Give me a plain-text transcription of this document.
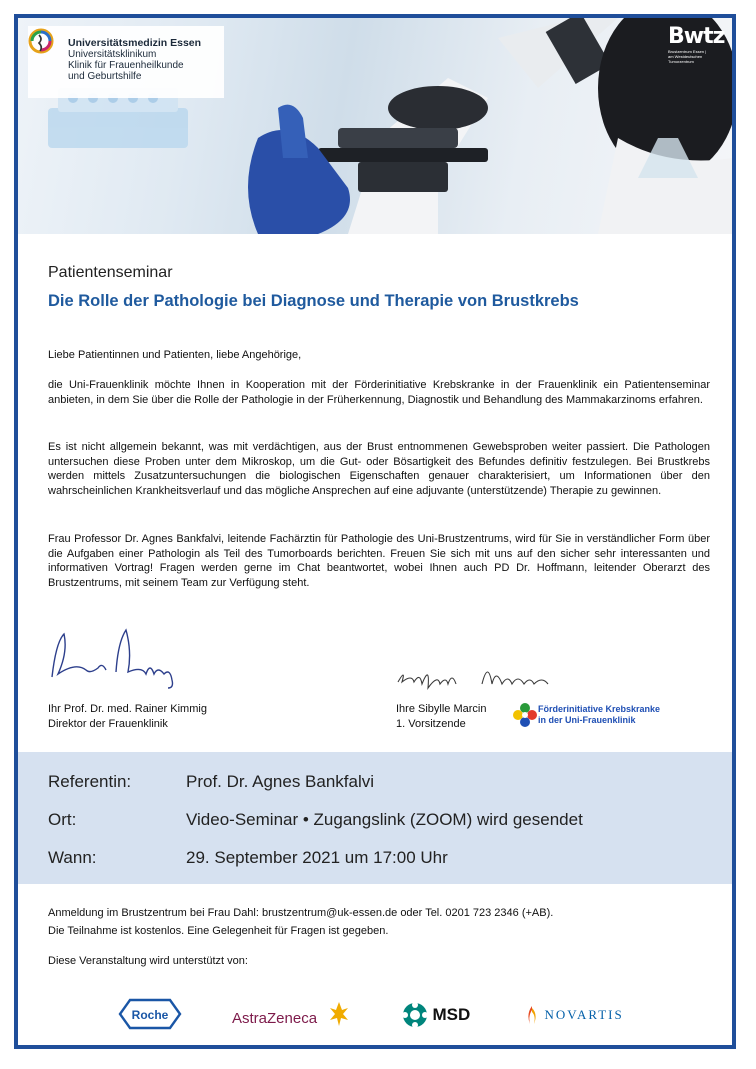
Universitätsmedizin Essen
Universitätsklinikum
Klinik für Frauenheilkunde
und Geburtshilfe
Bwtz
Brustzentrum Essen |
am Westdeutschen Tumorzentrum
Patientenseminar
Die Rolle der Pathologie bei Diagnose und Therapie von Brustkrebs
Liebe Patientinnen und Patienten, liebe Angehörige,
die Uni-Frauenklinik möchte Ihnen in Kooperation mit der Förderinitiative Krebskranke in der Frauenklinik ein Patientenseminar anbieten, in dem Sie über die Rolle der Pathologie in der Früherkennung, Diagnostik und Behandlung des Mammakarzinoms erfahren.
Es ist nicht allgemein bekannt, was mit verdächtigen, aus der Brust entnommenen Gewebsproben weiter passiert. Die Pathologen untersuchen diese Proben unter dem Mikroskop, um die Gut- oder Bösartigkeit des Befundes definitiv festzulegen. Bei Brustkrebs werden mittels Zusatzuntersuchungen die biologischen Eigenschaften genauer charakterisiert, um Informationen über den wahrscheinlichen Krankheitsverlauf und das mögliche Ansprechen auf eine adjuvante (unterstützende) Therapie zu gewinnen.
Frau Professor Dr. Agnes Bankfalvi, leitende Fachärztin für Pathologie des Uni-Brustzentrums, wird für Sie in verständlicher Form über die Aufgaben einer Pathologin als Teil des Tumorboards berichten. Freuen Sie sich mit uns auf den sicher sehr interessanten und informativen Vortrag! Fragen werden gerne im Chat beantwortet, wobei Ihnen auch PD Dr. Hoffmann, leitender Oberarzt des Brustzentrums, mit seinem Team zur Verfügung steht.
Ihr Prof. Dr. med. Rainer Kimmig
Direktor der Frauenklinik
Ihre Sibylle Marcin
1. Vorsitzende
Förderinitiative Krebskranke
in der Uni-Frauenklinik
Referentin:	Prof. Dr. Agnes Bankfalvi
Ort:	Video-Seminar • Zugangslink (ZOOM) wird gesendet
Wann:	29. September 2021 um 17:00 Uhr
Anmeldung im Brustzentrum bei Frau Dahl: brustzentrum@uk-essen.de oder Tel. 0201 723 2346 (+AB).
Die Teilnahme ist kostenlos. Eine Gelegenheit für Fragen ist gegeben.
Diese Veranstaltung wird unterstützt von:
Roche	AstraZeneca	MSD	NOVARTIS
